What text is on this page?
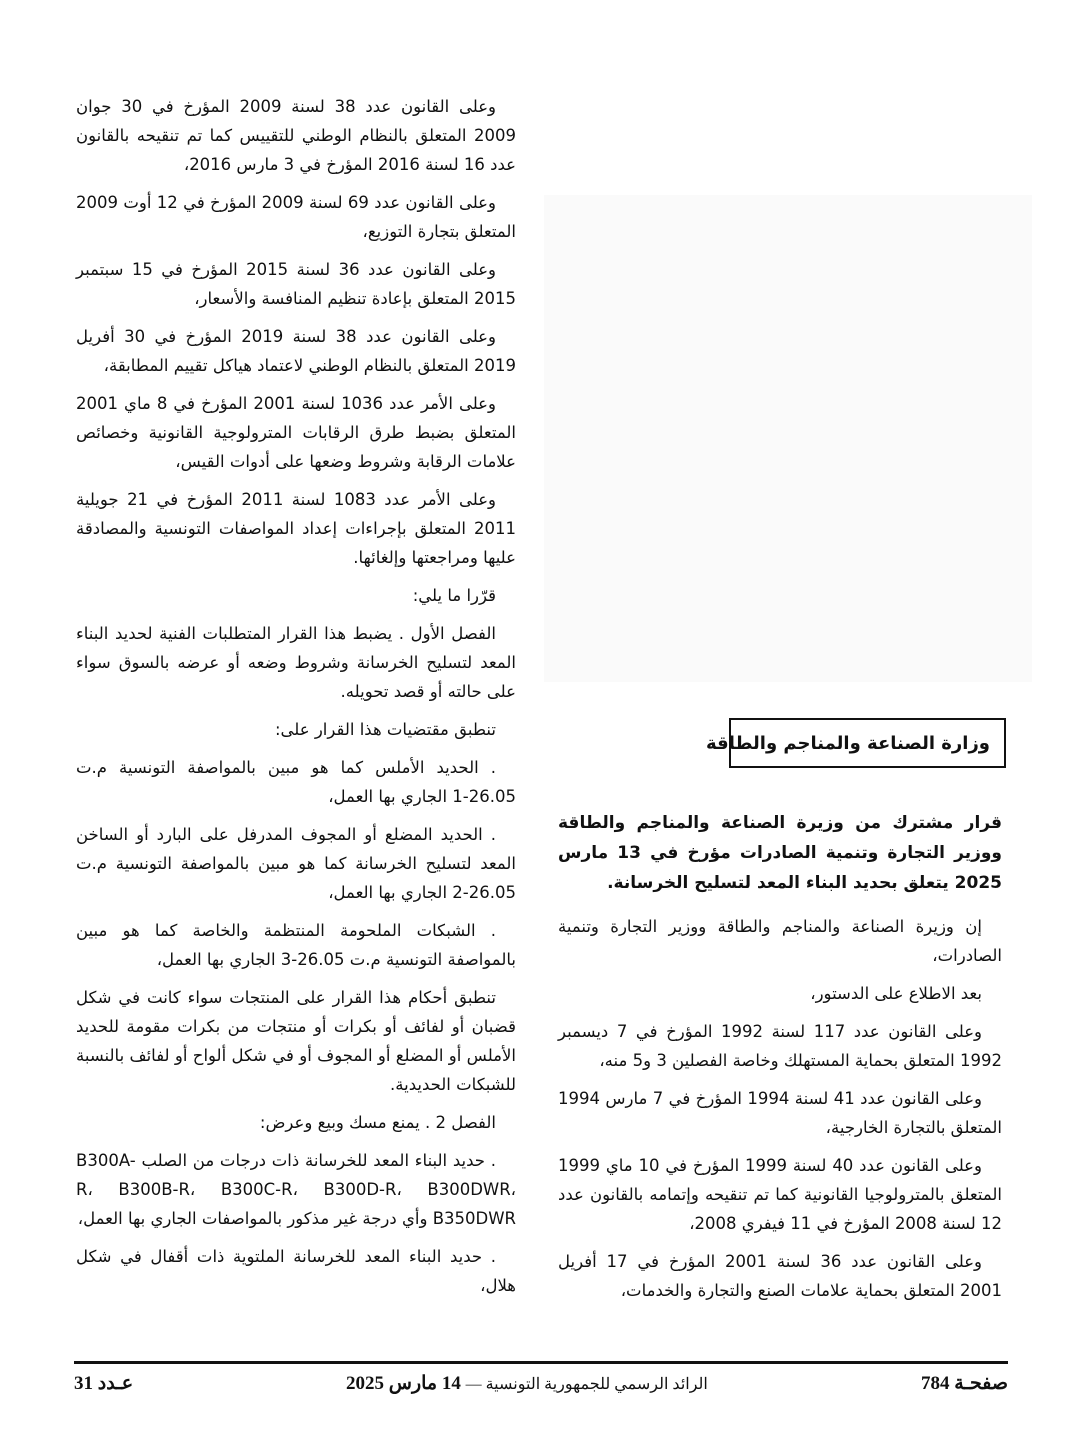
وعلى القانون عدد 38 لسنة 2009 المؤرخ في 30 جوان 2009 المتعلق بالنظام الوطني للتقييس كما تم تنقيحه بالقانون عدد 16 لسنة 2016 المؤرخ في 3 مارس 2016،

وعلى القانون عدد 69 لسنة 2009 المؤرخ في 12 أوت 2009 المتعلق بتجارة التوزيع،

وعلى القانون عدد 36 لسنة 2015 المؤرخ في 15 سبتمبر 2015 المتعلق بإعادة تنظيم المنافسة والأسعار،

وعلى القانون عدد 38 لسنة 2019 المؤرخ في 30 أفريل 2019 المتعلق بالنظام الوطني لاعتماد هياكل تقييم المطابقة،

وعلى الأمر عدد 1036 لسنة 2001 المؤرخ في 8 ماي 2001 المتعلق بضبط طرق الرقابات المترولوجية القانونية وخصائص علامات الرقابة وشروط وضعها على أدوات القيس،

وعلى الأمر عدد 1083 لسنة 2011 المؤرخ في 21 جويلية 2011 المتعلق بإجراءات إعداد المواصفات التونسية والمصادقة عليها ومراجعتها وإلغائها.

قرّرا ما يلي:

الفصل الأول . يضبط هذا القرار المتطلبات الفنية لحديد البناء المعد لتسليح الخرسانة وشروط وضعه أو عرضه بالسوق سواء على حالته أو قصد تحويله.

تنطبق مقتضيات هذا القرار على:

. الحديد الأملس كما هو مبين بالمواصفة التونسية م.ت 26.05-1 الجاري بها العمل،

. الحديد المضلع أو المجوف المدرفل على البارد أو الساخن المعد لتسليح الخرسانة كما هو مبين بالمواصفة التونسية م.ت 26.05-2 الجاري بها العمل،

. الشبكات الملحومة المنتظمة والخاصة كما هو مبين بالمواصفة التونسية م.ت 26.05-3 الجاري بها العمل،

تنطبق أحكام هذا القرار على المنتجات سواء كانت في شكل قضبان أو لفائف أو بكرات أو منتجات من بكرات مقومة للحديد الأملس أو المضلع أو المجوف أو في شكل ألواح أو لفائف بالنسبة للشبكات الحديدية.

الفصل 2 . يمنع مسك وبيع وعرض:

. حديد البناء المعد للخرسانة ذات درجات من الصلب B300A-R، B300B-R، B300C-R، B300D-R، B300DWR، B350DWR وأي درجة غير مذكور بالمواصفات الجاري بها العمل،

. حديد البناء المعد للخرسانة الملتوية ذات أقفال في شكل هلال،

وزارة الصناعة والمناجم والطاقة

قرار مشترك من وزيرة الصناعة والمناجم والطاقة ووزير التجارة وتنمية الصادرات مؤرخ في 13 مارس 2025 يتعلق بحديد البناء المعد لتسليح الخرسانة.

إن وزيرة الصناعة والمناجم والطاقة ووزير التجارة وتنمية الصادرات،

بعد الاطلاع على الدستور،

وعلى القانون عدد 117 لسنة 1992 المؤرخ في 7 ديسمبر 1992 المتعلق بحماية المستهلك وخاصة الفصلين 3 و5 منه،

وعلى القانون عدد 41 لسنة 1994 المؤرخ في 7 مارس 1994 المتعلق بالتجارة الخارجية،

وعلى القانون عدد 40 لسنة 1999 المؤرخ في 10 ماي 1999 المتعلق بالمترولوجيا القانونية كما تم تنقيحه وإتمامه بالقانون عدد 12 لسنة 2008 المؤرخ في 11 فيفري 2008،

وعلى القانون عدد 36 لسنة 2001 المؤرخ في 17 أفريل 2001 المتعلق بحماية علامات الصنع والتجارة والخدمات،

صفحـة 784
الرائد الرسمي للجمهورية التونسية — 14 مارس 2025
عـدد 31
